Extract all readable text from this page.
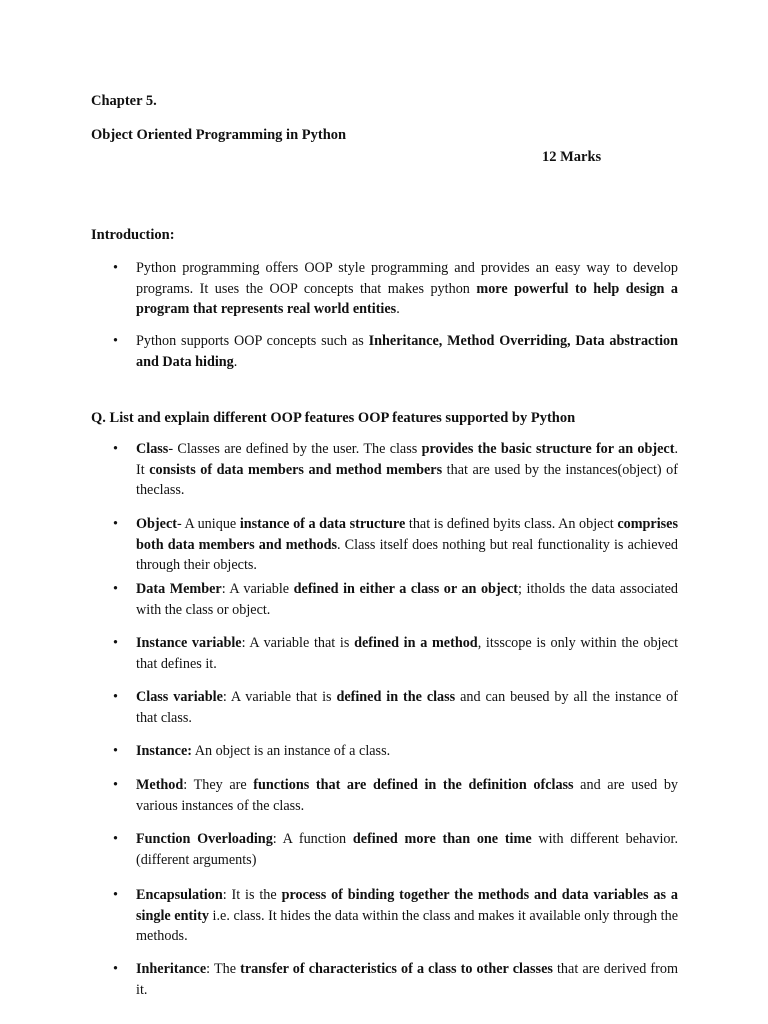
Chapter 5.
Object Oriented Programming in Python
12 Marks
Introduction:
•	Python programming offers OOP style programming and provides an easy way to develop programs. It uses the OOP concepts that makes python more powerful to help design a program that represents real world entities.
•	Python supports OOP concepts such as Inheritance, Method Overriding, Data abstraction and Data hiding.
Q. List and explain different OOP features OOP features supported by Python
•	Class- Classes are defined by the user. The class provides the basic structure for an object. It consists of data members and method members that are used by the instances(object) of theclass.
•	Object- A unique instance of a data structure that is defined byits class. An object comprises both data members and methods. Class itself does nothing but real functionality is achieved through their objects.
•	Data Member: A variable defined in either a class or an object; itholds the data associated with the class or object.
•	Instance variable: A variable that is defined in a method, itsscope is only within the object that defines it.
•	Class variable: A variable that is defined in the class and can beused by all the instance of that class.
•	Instance: An object is an instance of a class.
•	Method: They are functions that are defined in the definition ofclass and are used by various instances of the class.
•	Function Overloading: A function defined more than one time with different behavior. (different arguments)
•	Encapsulation: It is the process of binding together the methods and data variables as a single entity i.e. class. It hides the data within the class and makes it available only through the methods.
•	Inheritance: The transfer of characteristics of a class to other classes that are derived from it.
